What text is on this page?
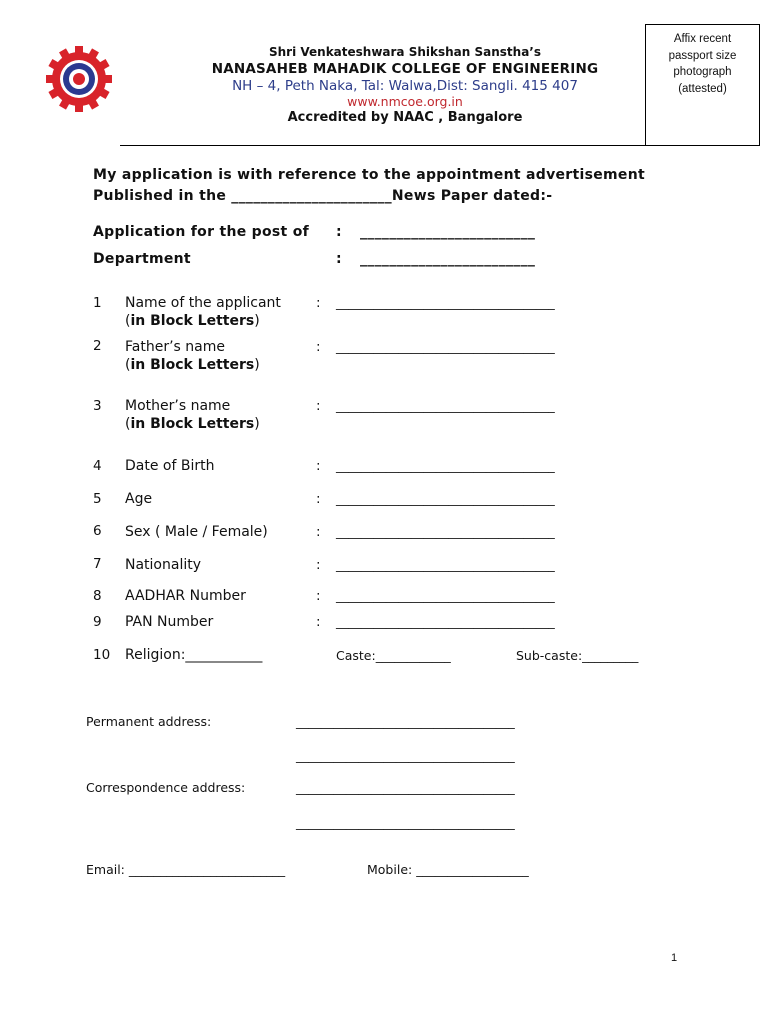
Shri Venkateshwara Shikshan Sanstha’s
NANASAHEB MAHADIK COLLEGE OF ENGINEERING
NH – 4, Peth Naka, Tal: Walwa,Dist: Sangli. 415 407
www.nmcoe.org.in
Accredited by NAAC , Bangalore
Affix recent
passport size
photograph
(attested)
My application is with reference to the appointment advertisement
Published in the ______________________News Paper dated:-
Application for the post of : ________________________
Department	: ________________________
1 Name of the applicant
(in Block Letters)
: ___________________________________
2 Father’s name
(in Block Letters)
: ___________________________________
3 Mother’s name
(in Block Letters)
: ___________________________________
4 Date of Birth	: ___________________________________
5 Age	: ___________________________________
6 Sex ( Male / Female)	: ___________________________________
7 Nationality	: ___________________________________
8 AADHAR Number	: ___________________________________
9 PAN Number	: ___________________________________
10 Religion:___________	Caste:____________	Sub-caste:_________
Permanent address:	___________________________________
___________________________________
Correspondence address:	___________________________________
___________________________________
Email: _________________________	Mobile: __________________
1
